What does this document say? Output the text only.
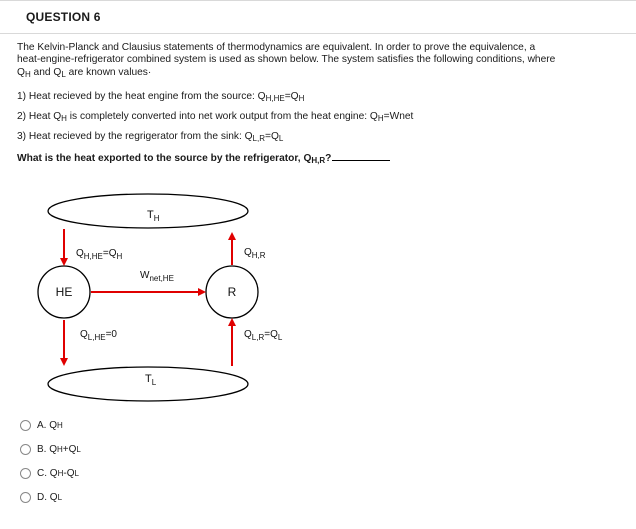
QUESTION 6
The Kelvin-Planck and Clausius statements of thermodynamics are equivalent. In order to prove the equivalence, a
heat-engine-refrigerator combined system is used as shown below. The system satisfies the following conditions, where
$Q_H$ and $Q_L$ are known values·
1) Heat recieved by the heat engine from the source: $Q_{H,HE}=Q_H$
2) Heat $Q_H$ is completely converted into net work output from the heat engine: $Q_H=Wnet$
3) Heat recieved by the regrigerator from the sink: $Q_{L,R}=Q_L$
What is the heat exported to the source by the refrigerator, $Q_{H,R}$?
$T_H$
$T_L$
HE	R
$Q_{H,HE}=Q_H$
$W_{net,HE}$
$Q_{L,HE}=0$
$Q_{H,R}$
$Q_{L,R}=Q_L$
A.
Q H
B.
Q H + Q L
C.
Q H - Q L
D.
Q L
